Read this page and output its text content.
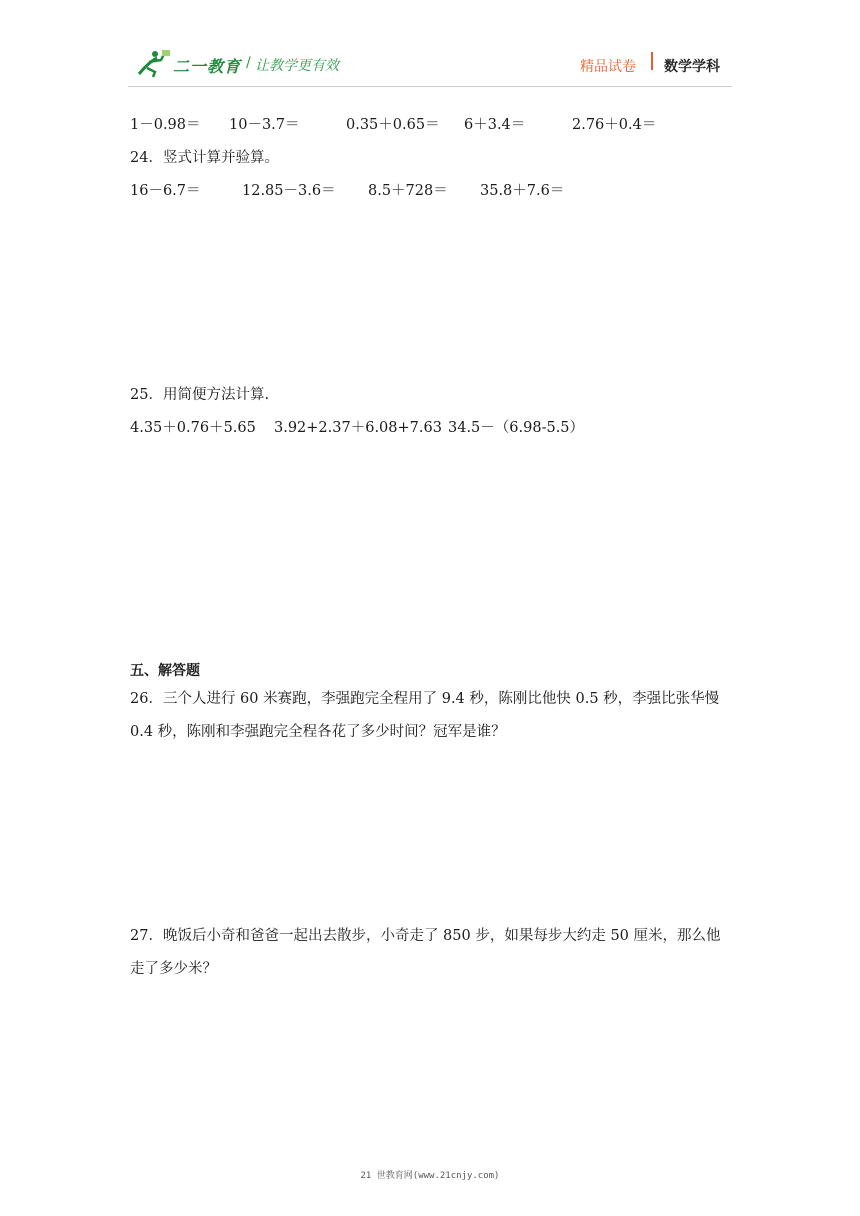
二一教育 / 让教学更有效	精品试卷 数学学科
1－0.98＝ 10－3.7＝	0.35＋0.65＝ 6＋3.4＝	2.76＋0.4＝
24．竖式计算并验算。
16－6.7＝	12.85－3.6＝ 8.5＋728＝ 35.8＋7.6＝
25．用简便方法计算.
4.35＋0.76＋5.65 3.92+2.37＋6.08+7.63 34.5－（6.98-5.5）
五、解答题
26．三个人进行 60 米赛跑，李强跑完全程用了 9.4 秒，陈刚比他快 0.5 秒，李强比张华慢
0.4 秒，陈刚和李强跑完全程各花了多少时间？冠军是谁？
27．晚饭后小奇和爸爸一起出去散步，小奇走了 850 步，如果每步大约走 50 厘米，那么他
走了多少米？
21 世教育网(www.21cnjy.com)
